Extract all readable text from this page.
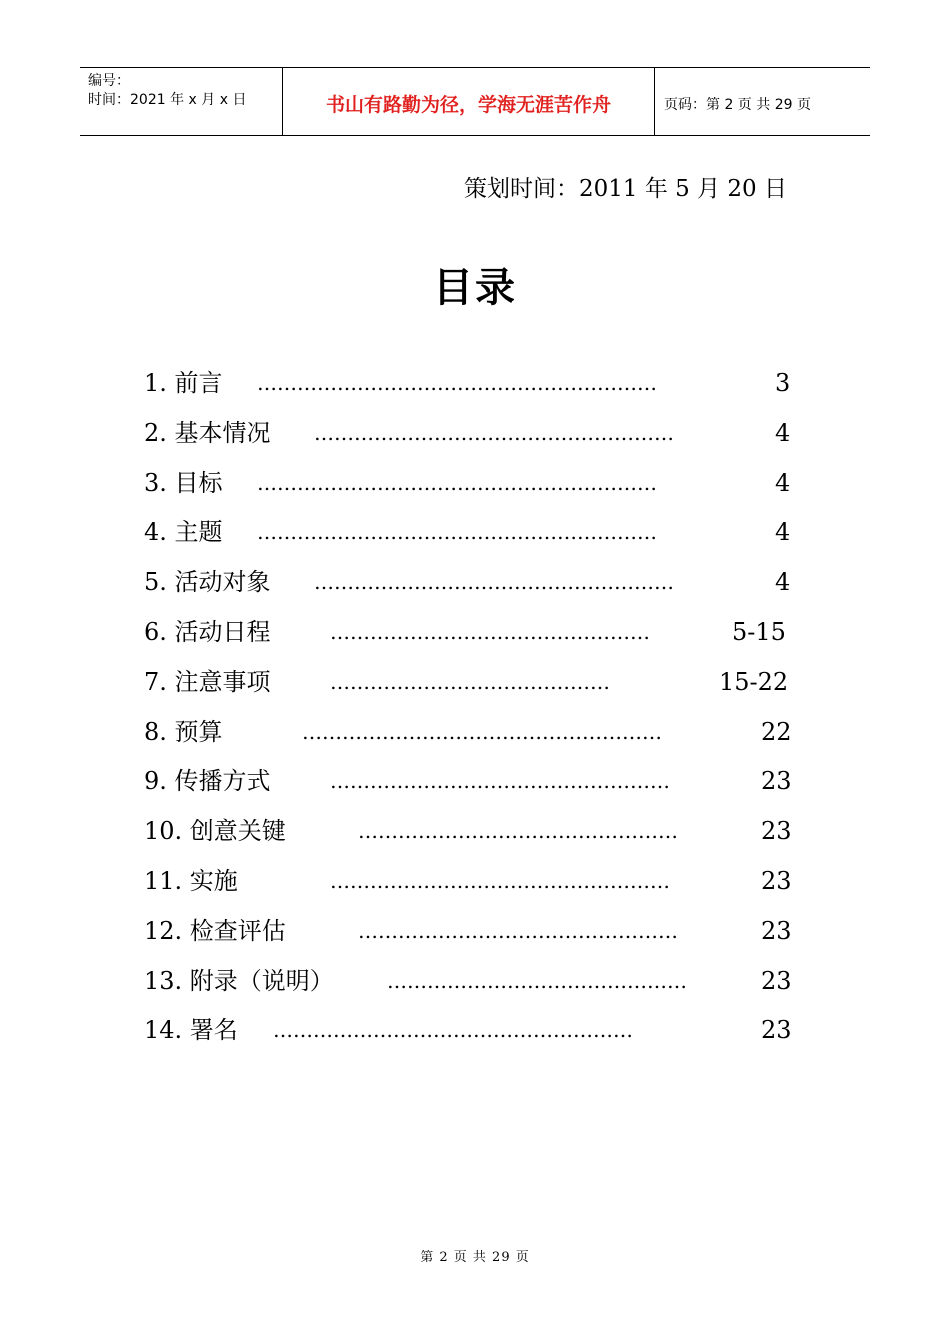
编号：
时间：2021 年 x 月 x 日	书山有路勤为径，学海无涯苦作舟	页码：第 2 页 共 29 页
策划时间：2011 年 5 月 20 日
目录
1. 前言 ……………………………………………………	3
2. 基本情况 ………………………………………………	4
3. 目标 ……………………………………………………	4
4. 主题 ……………………………………………………	4
5. 活动对象 ………………………………………………	4
6. 活动日程	…………………………………………	5-15
7. 注意事项	……………………………………	15-22
8. 预算	………………………………………………	22
9. 传播方式	……………………………………………	23
10. 创意关键	…………………………………………	23
11. 实施	……………………………………………	23
12. 检查评估	…………………………………………	23
13. 附录（说明）	………………………………………	23
14. 署名 ………………………………………………	23
第 2 页 共 29 页
